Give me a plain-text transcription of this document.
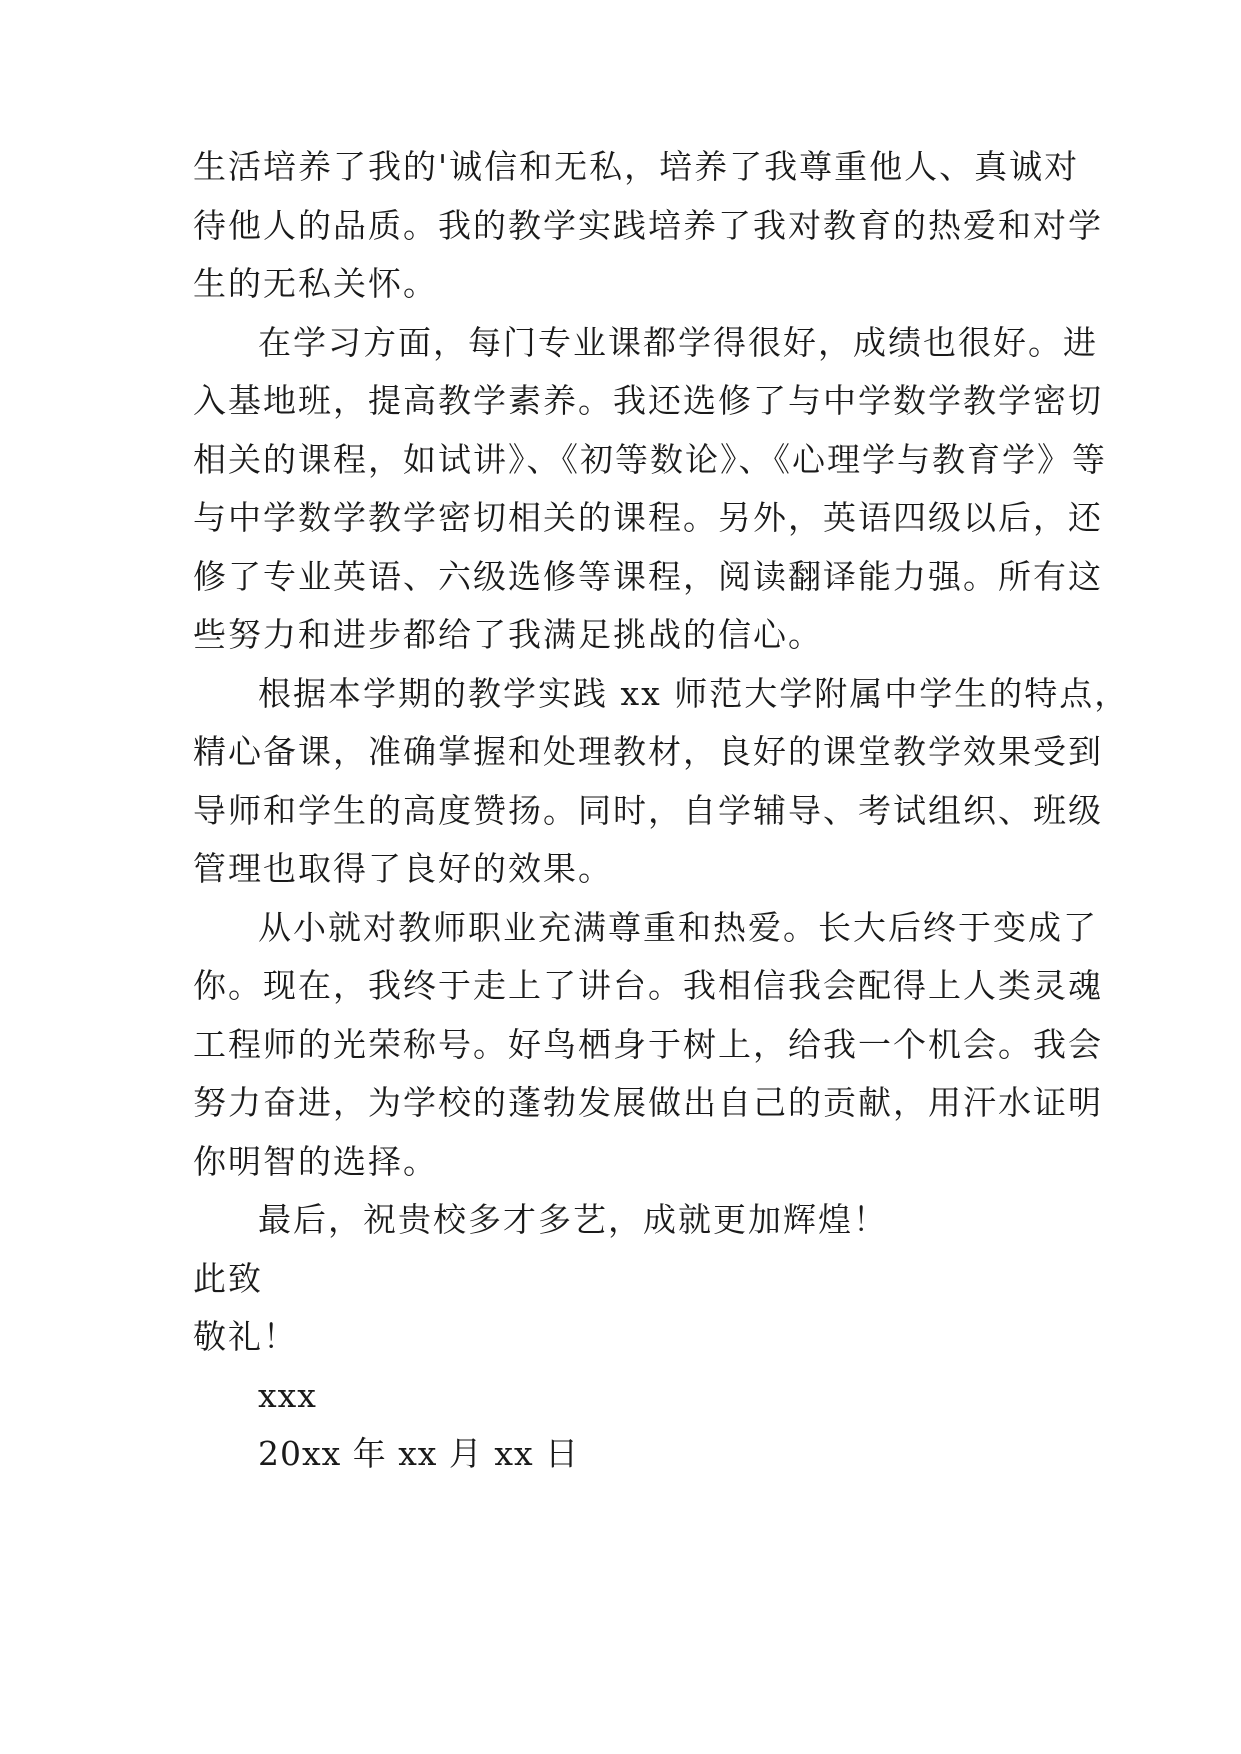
生活培养了我的'诚信和无私，培养了我尊重他人、真诚对
待他人的品质。我的教学实践培养了我对教育的热爱和对学
生的无私关怀。
在学习方面，每门专业课都学得很好，成绩也很好。进
入基地班，提高教学素养。我还选修了与中学数学教学密切
相关的课程，如试讲》、《初等数论》、《心理学与教育学》等
与中学数学教学密切相关的课程。另外，英语四级以后，还
修了专业英语、六级选修等课程，阅读翻译能力强。所有这
些努力和进步都给了我满足挑战的信心。
根据本学期的教学实践 xx 师范大学附属中学生的特点，
精心备课，准确掌握和处理教材，良好的课堂教学效果受到
导师和学生的高度赞扬。同时，自学辅导、考试组织、班级
管理也取得了良好的效果。
从小就对教师职业充满尊重和热爱。长大后终于变成了
你。现在，我终于走上了讲台。我相信我会配得上人类灵魂
工程师的光荣称号。好鸟栖身于树上，给我一个机会。我会
努力奋进，为学校的蓬勃发展做出自己的贡献，用汗水证明
你明智的选择。
最后，祝贵校多才多艺，成就更加辉煌！
此致
敬礼！
xxx
20xx 年 xx 月 xx 日
